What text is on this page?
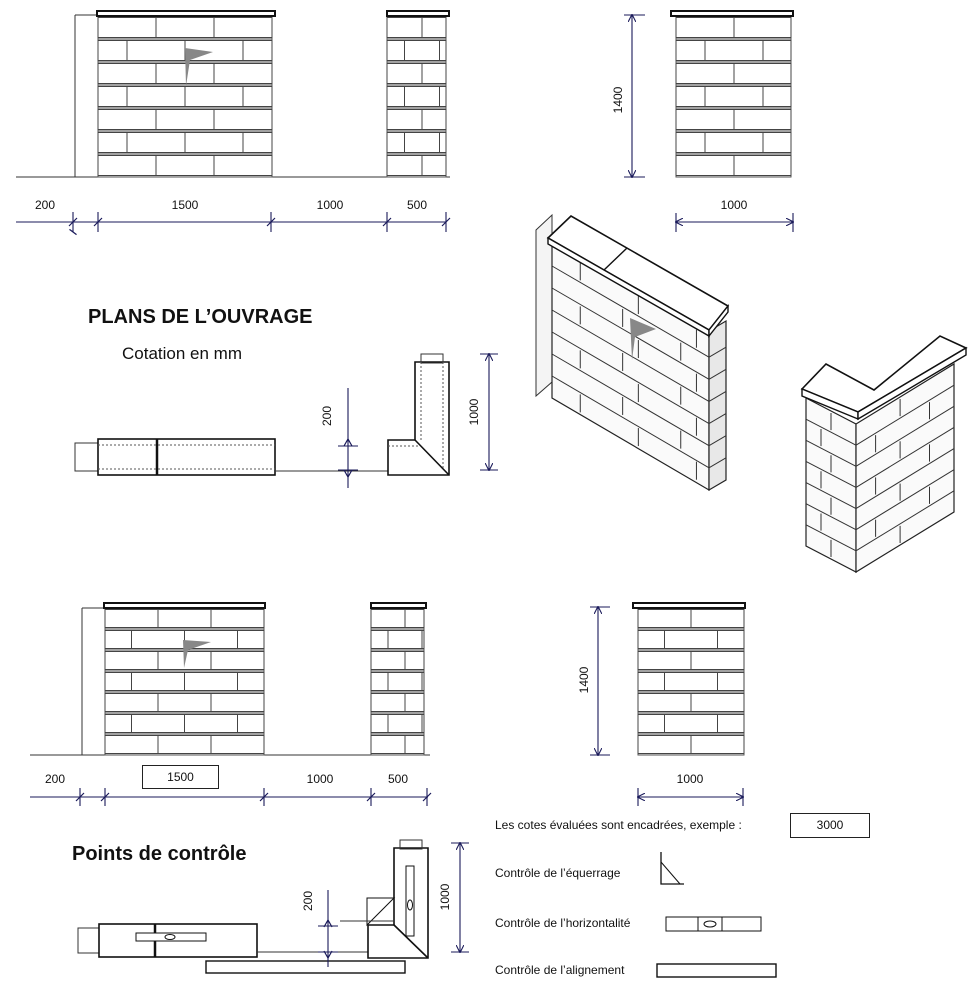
1400
1000
200	1500	1000	500
200	1000
1400
1000
200	1000	500
200	1000
PLANS DE L’OUVRAGE
Cotation en mm
Points de contrôle
1500
Les cotes évaluées sont encadrées, exemple :	3000
Contrôle de l’équerrage
Contrôle de l’horizontalité
Contrôle de l’alignement
